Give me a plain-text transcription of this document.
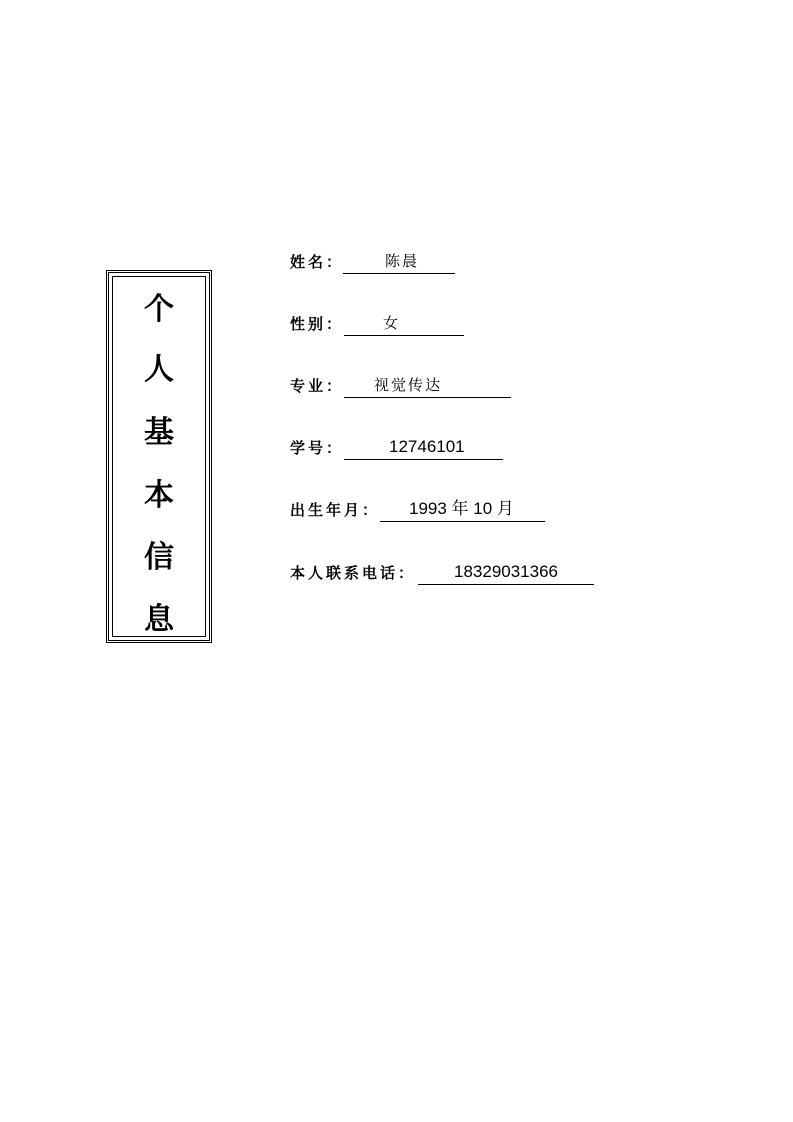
个
人
基
本
信
息
姓名：	陈晨
性别：	女
专业： 视觉传达
学号：	12746101
出生年月： 1993 年 10 月
本人联系电话： 18329031366
